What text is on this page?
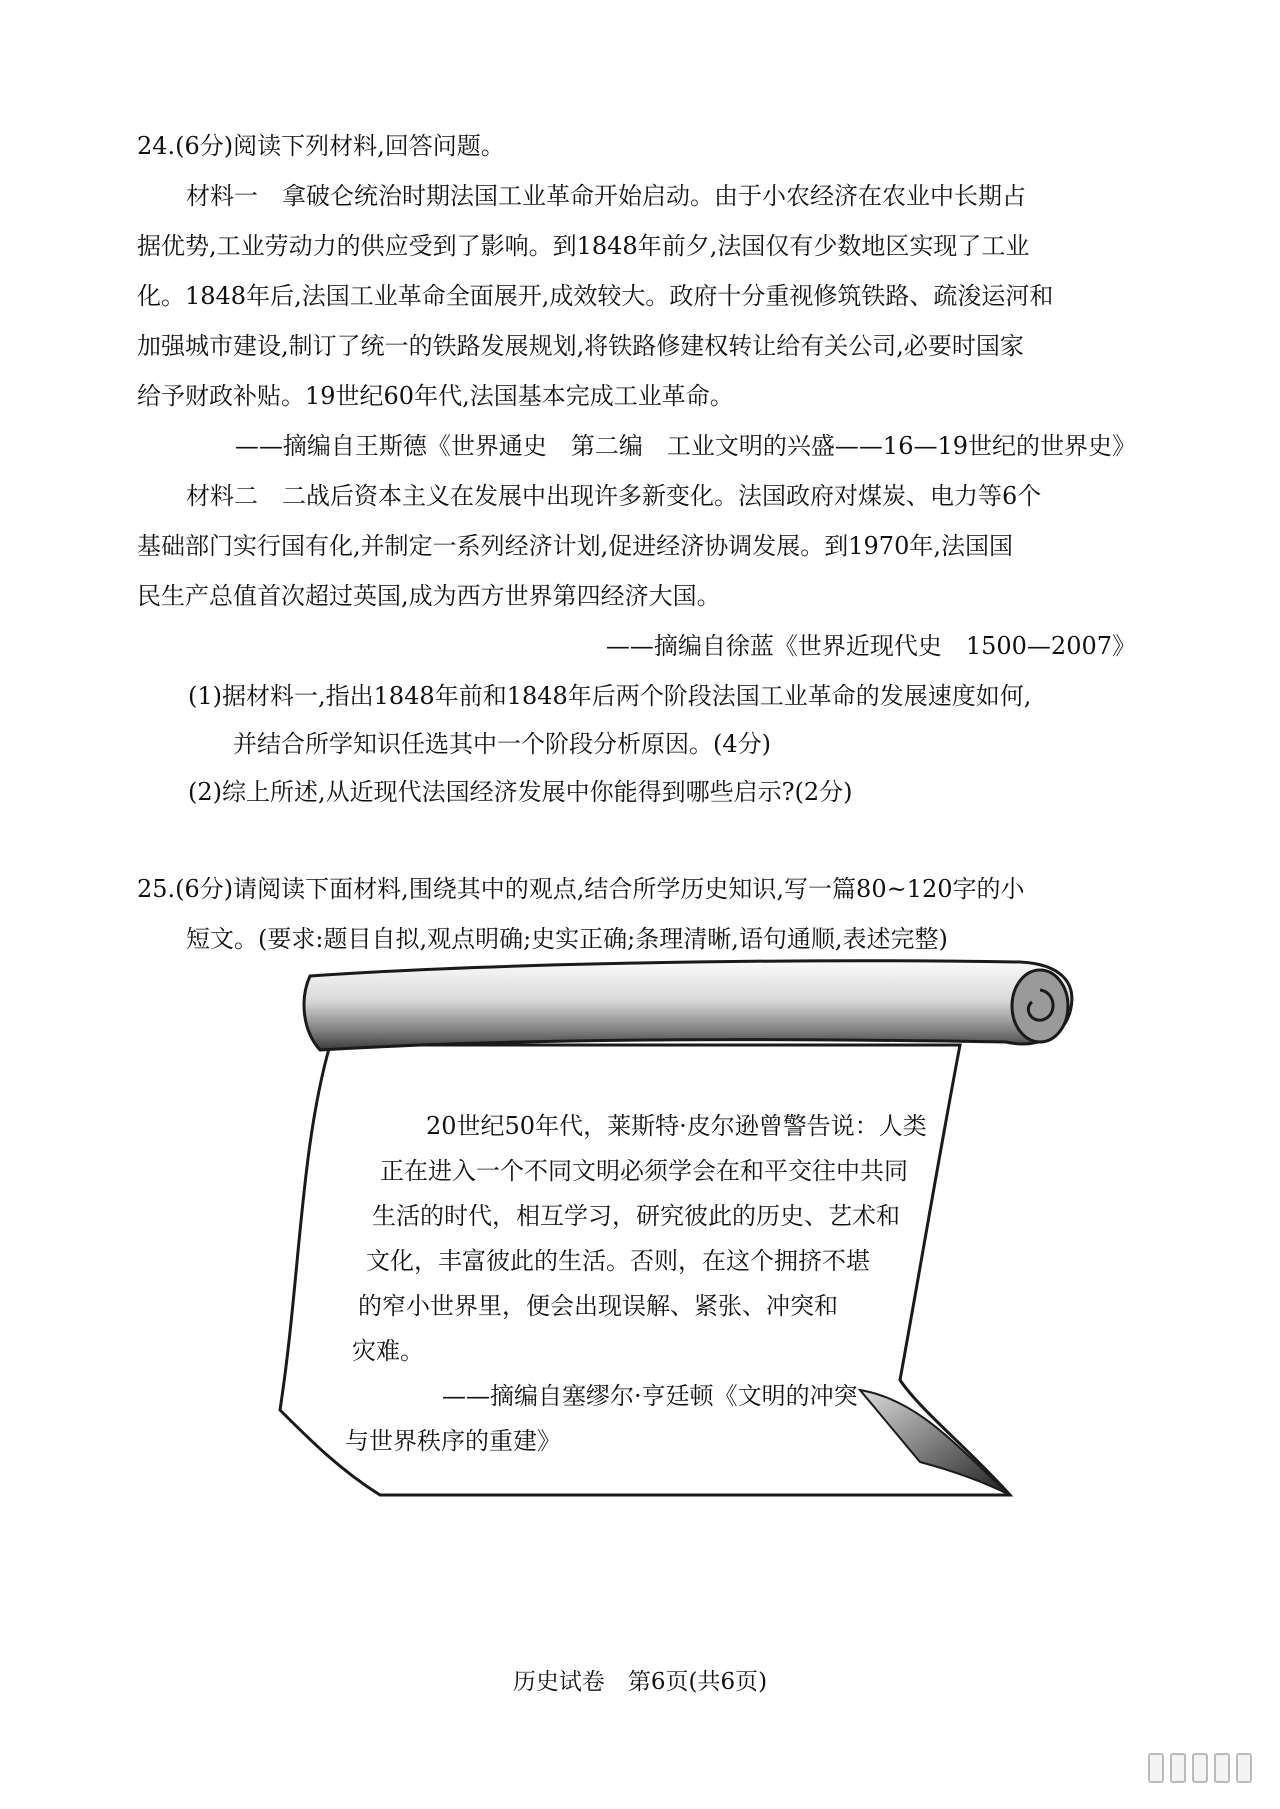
24.(6分)阅读下列材料,回答问题。
材料一　拿破仑统治时期法国工业革命开始启动。由于小农经济在农业中长期占
据优势,工业劳动力的供应受到了影响。到1848年前夕,法国仅有少数地区实现了工业
化。1848年后,法国工业革命全面展开,成效较大。政府十分重视修筑铁路、疏浚运河和
加强城市建设,制订了统一的铁路发展规划,将铁路修建权转让给有关公司,必要时国家
给予财政补贴。19世纪60年代,法国基本完成工业革命。
——摘编自王斯德《世界通史　第二编　工业文明的兴盛——16—19世纪的世界史》
材料二　二战后资本主义在发展中出现许多新变化。法国政府对煤炭、电力等6个
基础部门实行国有化,并制定一系列经济计划,促进经济协调发展。到1970年,法国国
民生产总值首次超过英国,成为西方世界第四经济大国。
——摘编自徐蓝《世界近现代史　1500—2007》
(1)据材料一,指出1848年前和1848年后两个阶段法国工业革命的发展速度如何,
并结合所学知识任选其中一个阶段分析原因。(4分)
(2)综上所述,从近现代法国经济发展中你能得到哪些启示?(2分)
25.(6分)请阅读下面材料,围绕其中的观点,结合所学历史知识,写一篇80~120字的小
短文。(要求:题目自拟,观点明确;史实正确;条理清晰,语句通顺,表述完整)
20世纪50年代，莱斯特·皮尔逊曾警告说：人类
正在进入一个不同文明必须学会在和平交往中共同
生活的时代，相互学习，研究彼此的历史、艺术和
文化，丰富彼此的生活。否则，在这个拥挤不堪
的窄小世界里，便会出现误解、紧张、冲突和
灾难。
——摘编自塞缪尔·亨廷顿《文明的冲突
与世界秩序的重建》
历史试卷　第6页(共6页)
